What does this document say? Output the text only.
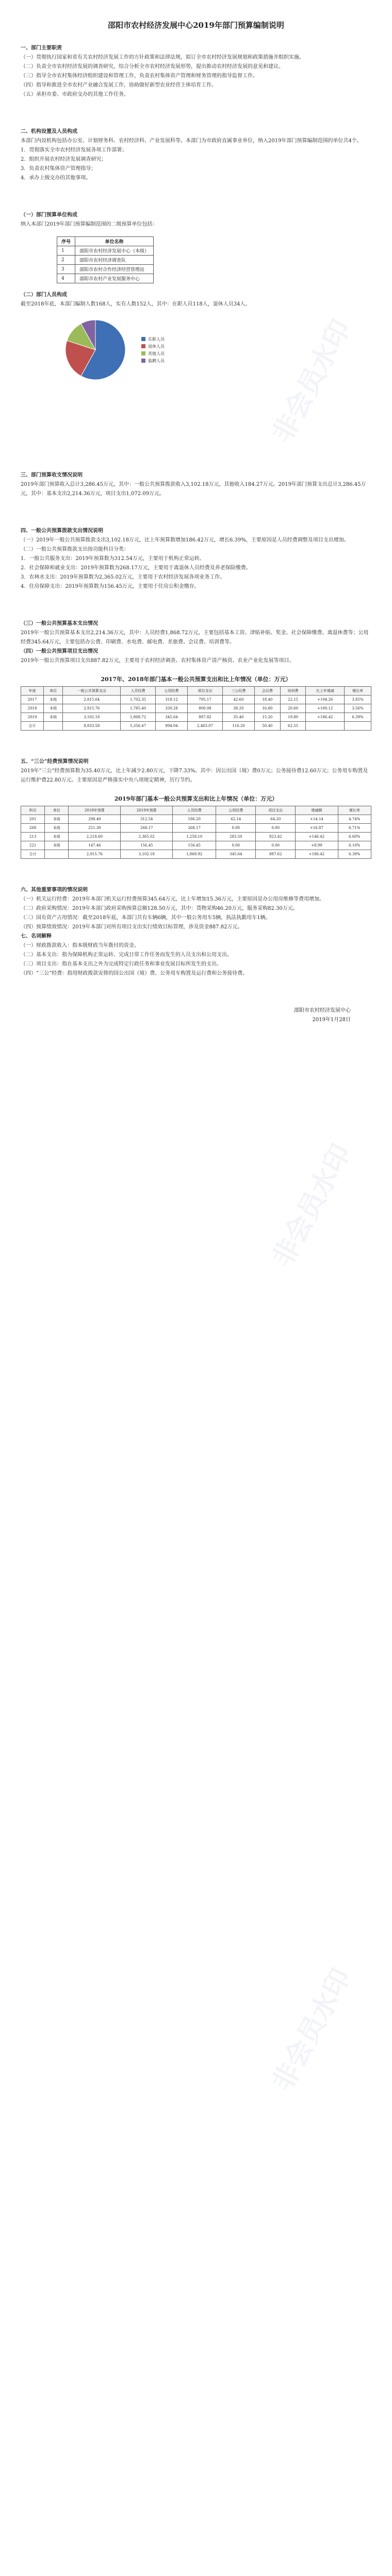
邵阳市农村经济发展中心2019年部门预算编制说明

一、部门主要职责

（一）贯彻执行国家和省有关农村经济发展工作的方针政策和法律法规，拟订全市农村经济发展规划和政策措施并组织实施。

（二）负责全市农村经济发展的调查研究，综合分析全市农村经济发展形势，提出推动农村经济发展的意见和建议。

（三）指导全市农村集体经济组织建设和管理工作，负责农村集体资产管理和财务管理的指导监督工作。

（四）指导和推进全市农村产业融合发展工作，协助做好新型农业经营主体培育工作。

（五）承担市委、市政府交办的其他工作任务。

二、机构设置及人员构成

本部门内设机构包括办公室、计划财务科、农村经济科、产业发展科等。本部门为市政府直属事业单位，纳入2019年部门预算编制范围的单位共4个。

1．贯彻落实全市农村经济发展各项工作部署；

2．组织开展农村经济发展调查研究；

3．负责农村集体资产管理指导；

4．承办上级交办的其他事项。

（一）部门预算单位构成

纳入本部门2019年部门预算编制范围的二级预算单位包括：

序号	单位名称
1	邵阳市农村经济发展中心（本级）
2	邵阳市农村经济调查队
3	邵阳市农村合作经济经营管理站
4	邵阳市农村产业发展服务中心

（二）部门人员构成

截至2018年底，本部门编制人数168人，实有人数152人，其中：在职人员118人，退休人员34人。

在职人员
退休人员
其他人员
临聘人员

三、部门预算收支情况说明

2019年部门预算收入总计3,286.45万元，其中：一般公共预算拨款收入3,102.18万元，其他收入184.27万元。2019年部门预算支出总计3,286.45万元，其中：基本支出2,214.36万元，项目支出1,072.09万元。

四、一般公共预算拨款支出情况说明

（一）2019年一般公共预算拨款支出3,102.18万元，比上年预算数增加186.42万元，增长6.39%，主要原因是人员经费调整及项目支出增加。

（二）一般公共预算拨款支出按功能科目分类：

1．一般公共服务支出：2019年预算数为312.54万元，主要用于机构正常运转。

2．社会保障和就业支出：2019年预算数为268.17万元，主要用于离退休人员经费及养老保险缴费。

3．农林水支出：2019年预算数为2,365.02万元，主要用于农村经济发展各项业务工作。

4．住房保障支出：2019年预算数为156.45万元，主要用于住房公积金缴存。

（三）一般公共预算基本支出情况

2019年一般公共预算基本支出2,214.36万元，其中：人员经费1,868.72万元，主要包括基本工资、津贴补贴、奖金、社会保障缴费、离退休费等；公用经费345.64万元，主要包括办公费、印刷费、水电费、邮电费、差旅费、会议费、培训费等。

（四）一般公共预算项目支出情况

2019年一般公共预算项目支出887.82万元，主要用于农村经济调查、农村集体资产清产核资、农业产业化发展等项目。

2017年、2018年部门基本一般公共预算支出和比上年情况（单位：万元）
年度	单位	一般公共预算支出	人员经费	公用经费	项目支出	三公经费	会议费	培训费	比上年增减	增长率
2017	本级	2,815.64	1,702.35	318.12	795.17	42.60	18.40	22.15	+104.26	3.85%
2018	本级	2,915.76	1,785.40	330.28	800.08	38.20	16.80	20.60	+100.12	3.56%
2019	本级	3,102.18	1,868.72	345.64	887.82	35.40	15.20	19.80	+186.42	6.39%
合计		8,833.58	5,356.47	994.04	2,483.07	116.20	50.40	62.55		

五、“三公”经费预算情况说明

2019年“三公”经费预算数为35.40万元，比上年减少2.80万元，下降7.33%。其中：因公出国（境）费0万元；公务接待费12.60万元；公务用车购置及运行维护费22.80万元。主要原因是严格落实中央八项规定精神，厉行节约。

2019年部门基本一般公共预算支出和比上年情况（单位：万元）
科目	单位	2018年预算	2019年预算	人员经费	公用经费	项目支出	增减额	增长率
201	本级	298.40	312.54	186.20	62.14	64.20	+14.14	4.74%
208	本级	251.30	268.17	268.17	0.00	0.00	+16.87	6.71%
213	本级	2,218.60	2,365.02	1,258.10	283.50	823.42	+146.42	6.60%
221	本级	147.46	156.45	156.45	0.00	0.00	+8.99	6.10%
合计		2,915.76	3,102.18	1,868.92	345.64	887.62	+186.42	6.39%

六、其他重要事项的情况说明

（一）机关运行经费：2019年本部门机关运行经费预算345.64万元，比上年增加15.36万元，主要原因是办公用房维修等费用增加。

（二）政府采购情况：2019年本部门政府采购预算总额128.50万元，其中：货物采购46.20万元，服务采购82.30万元。

（三）国有资产占用情况：截至2018年底，本部门共有车辆6辆，其中一般公务用车5辆，执法执勤用车1辆。

（四）预算绩效情况：2019年本部门对所有项目支出实行绩效目标管理，涉及资金887.82万元。

七、名词解释

（一）财政拨款收入：指本级财政当年拨付的资金。

（二）基本支出：指为保障机构正常运转、完成日常工作任务而发生的人员支出和公用支出。

（三）项目支出：指在基本支出之外为完成特定行政任务和事业发展目标所发生的支出。

（四）“三公”经费：指用财政拨款安排的因公出国（境）费、公务用车购置及运行费和公务接待费。

邵阳市农村经济发展中心
2019年1月28日
非会员水印
非会员水印
非会员水印
